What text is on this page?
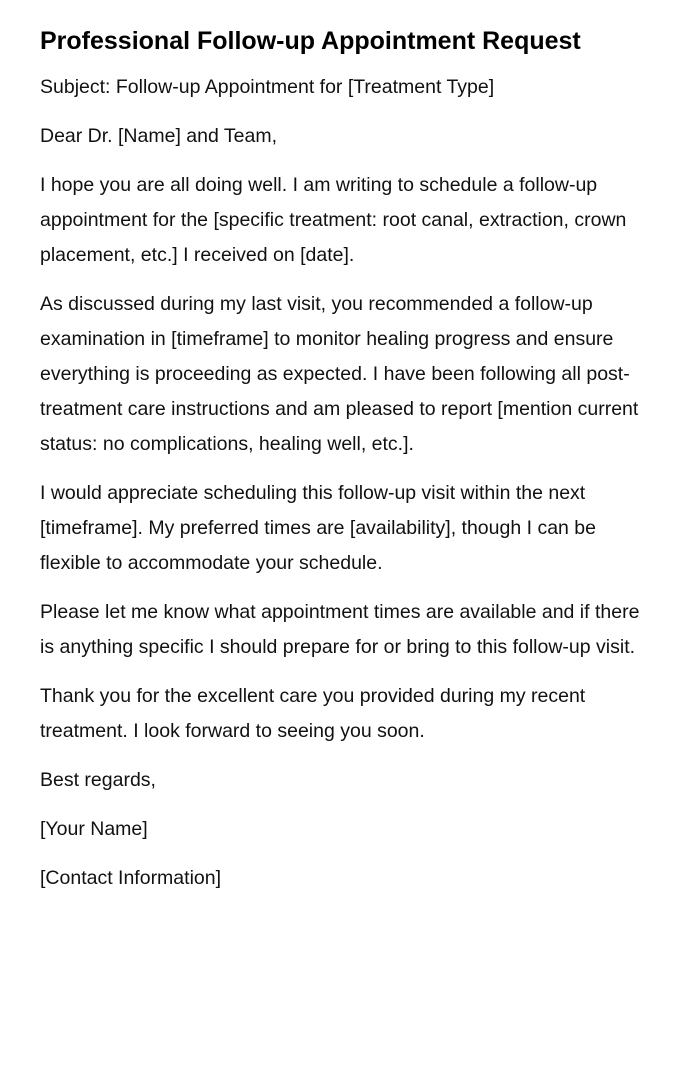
Professional Follow-up Appointment Request

Subject: Follow-up Appointment for [Treatment Type]

Dear Dr. [Name] and Team,

I hope you are all doing well. I am writing to schedule a follow-up appointment for the [specific treatment: root canal, extraction, crown placement, etc.] I received on [date].

As discussed during my last visit, you recommended a follow-up examination in [timeframe] to monitor healing progress and ensure everything is proceeding as expected. I have been following all post-treatment care instructions and am pleased to report [mention current status: no complications, healing well, etc.].

I would appreciate scheduling this follow-up visit within the next [timeframe]. My preferred times are [availability], though I can be flexible to accommodate your schedule.

Please let me know what appointment times are available and if there is anything specific I should prepare for or bring to this follow-up visit.

Thank you for the excellent care you provided during my recent treatment. I look forward to seeing you soon.

Best regards,

[Your Name]

[Contact Information]
